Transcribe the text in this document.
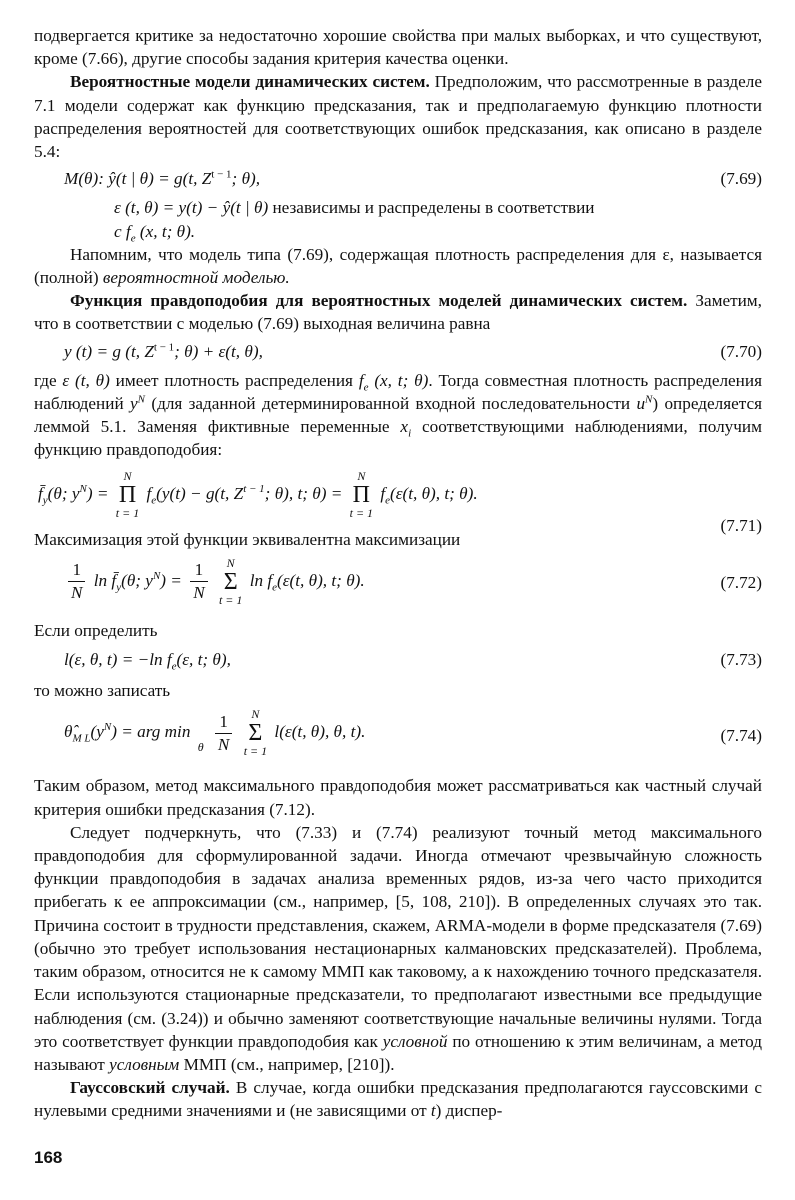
подвергается критике за недостаточно хорошие свойства при малых выборках, и что существуют, кроме (7.66), другие способы задания критерия качества оценки.

Вероятностные модели динамических систем. Предположим, что рассмотренные в разделе 7.1 модели содержат как функцию предсказания, так и предполагаемую функцию плотности распределения вероятностей для соответствующих ошибок предсказания, как описано в разделе 5.4:

M(θ): ŷ(t | θ) = g(t, $Z^{t - 1}$; θ),	(7.69)
ε (t, θ) = y(t) − ŷ(t | θ) независимы и распределены в соответствии
с $f_e$ (x, t; θ).

Напомним, что модель типа (7.69), содержащая плотность распределения для ε, называется (полной) вероятностной моделью.

Функция правдоподобия для вероятностных моделей динамических систем. Заметим, что в соответствии с моделью (7.69) выходная величина равна

y (t) = g (t, $Z^{t - 1}$; θ) + ε(t, θ),	(7.70)

где ε (t, θ) имеет плотность распределения $f_e$ (x, t; θ). Тогда совместная плотность распределения наблюдений $y^N$ (для заданной детерминированной входной последовательности $u^N$) определяется леммой 5.1. Заменяя фиктивные переменные $x_i$ соответствующими наблюдениями, получим функцию правдоподобия:

$f̄_y(\theta$; $y^N$) =
N
Π
t = 1
$f_e(y(t) - g(t$, $Z^{t - 1}$; θ), t; θ) =
N
Π
t = 1
$f_e(\varepsilon(t$, θ), t; θ).
Максимизация этой функции эквивалентна максимизации
(7.71)
$\frac{1}{N}$ $\ln f̄_y(\theta$; $y^N) = \frac{1}{N}$
	N
Σ
t = 1
$\ln f_e(\varepsilon(t$, θ), t; θ).	(7.72)

Если определить

l(ε, θ, t) = −ln $f_e(\varepsilon$, t; θ),	(7.73)

то можно записать

$\thetâ_{M L}(y^N)$ = arg min
θ
$\frac{1}{N}$
	N
Σ
t = 1
l(ε(t, θ), θ, t).	(7.74)

Таким образом, метод максимального правдоподобия может рассматриваться как частный случай критерия ошибки предсказания (7.12).

Следует подчеркнуть, что (7.33) и (7.74) реализуют точный метод максимального правдоподобия для сформулированной задачи. Иногда отмечают чрезвычайную сложность функции правдоподобия в задачах анализа временных рядов, из-за чего часто приходится прибегать к ее аппроксимации (см., например, [5, 108, 210]). В определенных случаях это так. Причина состоит в трудности представления, скажем, ARMA-модели в форме предсказателя (7.69) (обычно это требует использования нестационарных калмановских предсказателей). Проблема, таким образом, относится не к самому ММП как таковому, а к нахождению точного предсказателя. Если используются стационарные предсказатели, то предполагают известными все предыдущие наблюдения (см. (3.24)) и обычно заменяют соответствующие начальные величины нулями. Тогда это соответствует функции правдоподобия как условной по отношению к этим величинам, а метод называют условным ММП (см., например, [210]).

Гауссовский случай. В случае, когда ошибки предсказания предполагаются гауссовскими с нулевыми средними значениями и (не зависящими от t) диспер-

168
